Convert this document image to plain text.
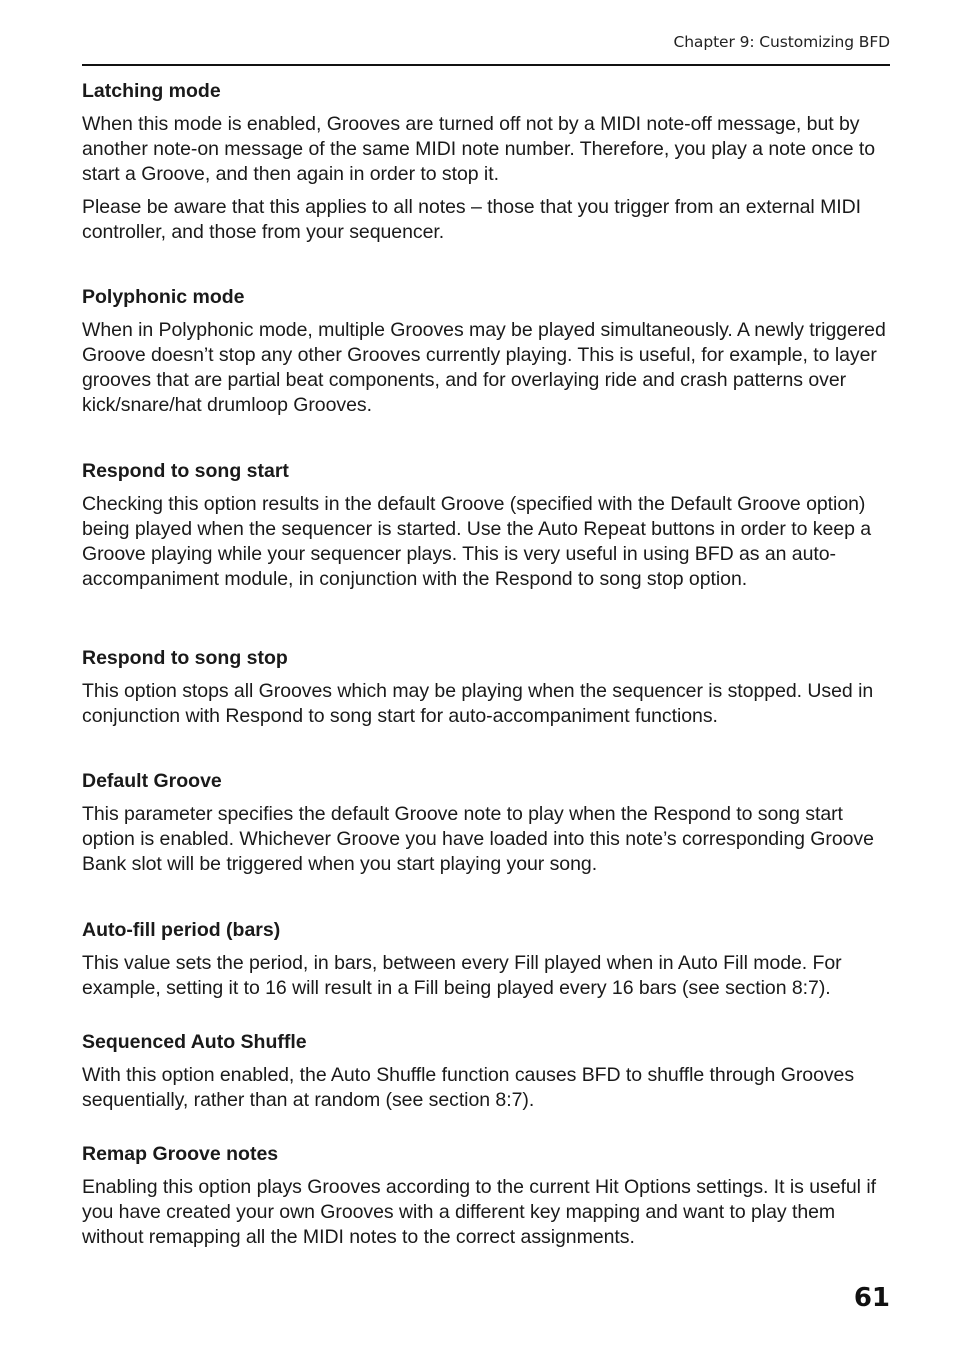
Chapter 9: Customizing BFD
Latching mode

When this mode is enabled, Grooves are turned off not by a MIDI note-off message, but by another note-on message of the same MIDI note number. Therefore, you play a note once to start a Groove, and then again in order to stop it.

Please be aware that this applies to all notes – those that you trigger from an external MIDI controller, and those from your sequencer.

Polyphonic mode

When in Polyphonic mode, multiple Grooves may be played simultaneously. A newly triggered Groove doesn’t stop any other Grooves currently playing. This is useful, for example, to layer grooves that are partial beat components, and for overlaying ride and crash patterns over kick/snare/hat drumloop Grooves.

Respond to song start

Checking this option results in the default Groove (specified with the Default Groove option) being played when the sequencer is started. Use the Auto Repeat buttons in order to keep a Groove playing while your sequencer plays. This is very useful in using BFD as an auto-accompaniment module, in conjunction with the Respond to song stop option.

Respond to song stop

This option stops all Grooves which may be playing when the sequencer is stopped. Used in conjunction with Respond to song start for auto-accompaniment functions.

Default Groove

This parameter specifies the default Groove note to play when the Respond to song start option is enabled. Whichever Groove you have loaded into this note’s corresponding Groove Bank slot will be triggered when you start playing your song.

Auto-fill period (bars)

This value sets the period, in bars, between every Fill played when in Auto Fill mode. For example, setting it to 16 will result in a Fill being played every 16 bars (see section 8:7).

Sequenced Auto Shuffle

With this option enabled, the Auto Shuffle function causes BFD to shuffle through Grooves sequentially, rather than at random (see section 8:7).

Remap Groove notes

Enabling this option plays Grooves according to the current Hit Options settings. It is useful if you have created your own Grooves with a different key mapping and want to play them without remapping all the MIDI notes to the correct assignments.

61
